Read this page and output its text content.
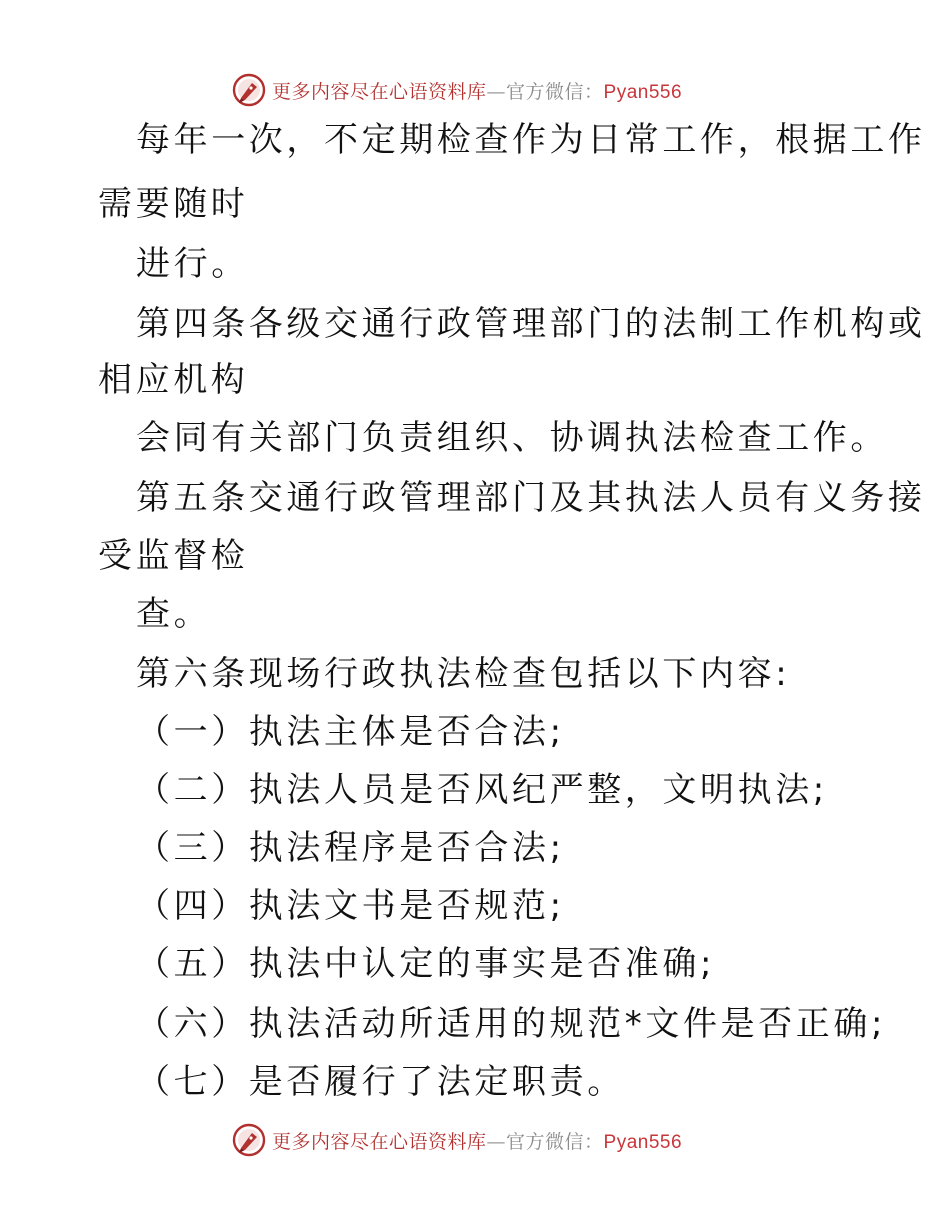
更多内容尽在心语资料库—官方微信：Pyan556
每年一次，不定期检查作为日常工作，根据工作
需要随时
进行。
第四条各级交通行政管理部门的法制工作机构或
相应机构
会同有关部门负责组织、协调执法检查工作。
第五条交通行政管理部门及其执法人员有义务接
受监督检
查。
第六条现场行政执法检查包括以下内容:
（一）执法主体是否合法;
（二）执法人员是否风纪严整，文明执法;
（三）执法程序是否合法;
（四）执法文书是否规范;
（五）执法中认定的事实是否准确;
（六）执法活动所适用的规范*文件是否正确;
（七）是否履行了法定职责。
更多内容尽在心语资料库—官方微信：Pyan556
